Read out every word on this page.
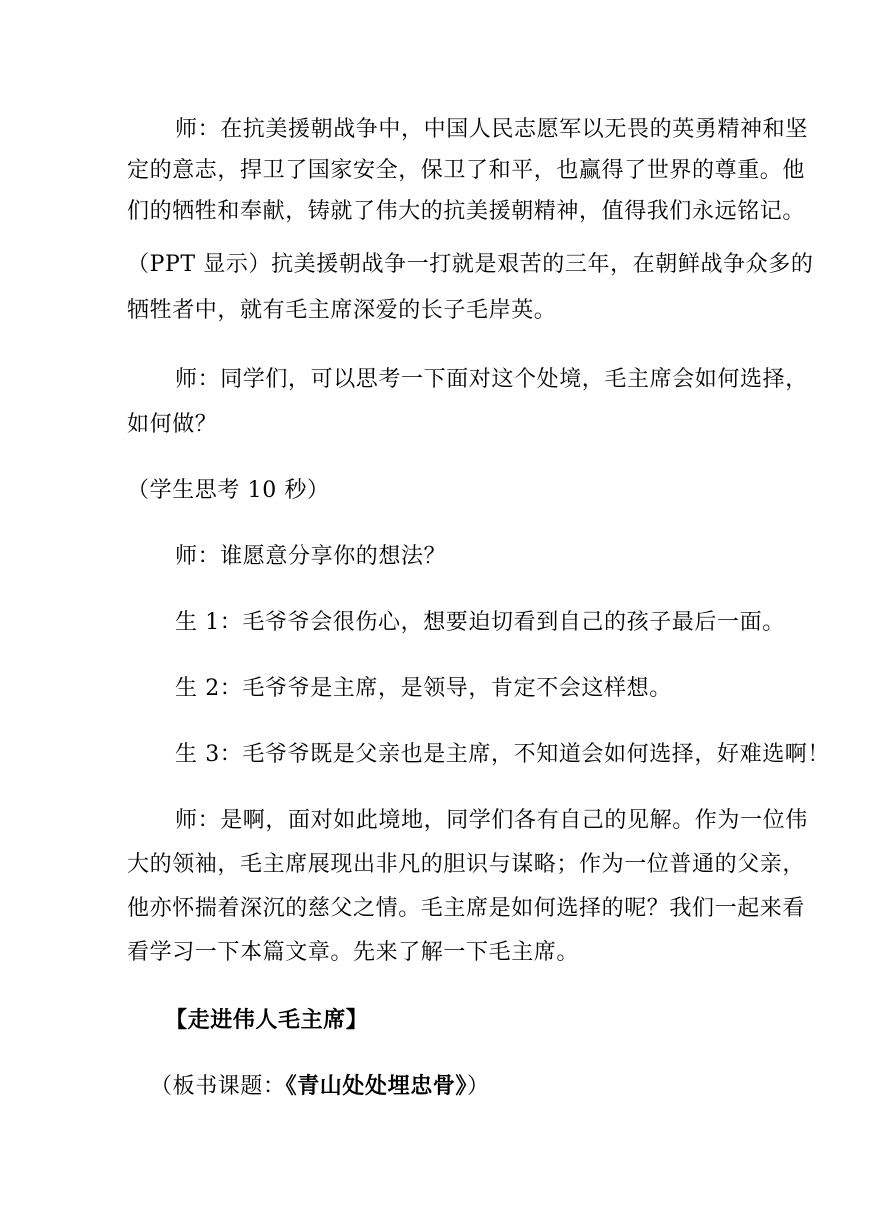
师：在抗美援朝战争中，中国人民志愿军以无畏的英勇精神和坚
定的意志，捍卫了国家安全，保卫了和平，也赢得了世界的尊重。他
们的牺牲和奉献，铸就了伟大的抗美援朝精神，值得我们永远铭记。
（PPT 显示）抗美援朝战争一打就是艰苦的三年，在朝鲜战争众多的
牺牲者中，就有毛主席深爱的长子毛岸英。
师：同学们，可以思考一下面对这个处境，毛主席会如何选择，
如何做？
（学生思考 10 秒）
师：谁愿意分享你的想法？
生 1：毛爷爷会很伤心，想要迫切看到自己的孩子最后一面。
生 2：毛爷爷是主席，是领导，肯定不会这样想。
生 3：毛爷爷既是父亲也是主席，不知道会如何选择，好难选啊！
师：是啊，面对如此境地，同学们各有自己的见解。作为一位伟
大的领袖，毛主席展现出非凡的胆识与谋略；作为一位普通的父亲，
他亦怀揣着深沉的慈父之情。毛主席是如何选择的呢？我们一起来看
看学习一下本篇文章。先来了解一下毛主席。
【走进伟人毛主席】
（板书课题：《青山处处埋忠骨》）
